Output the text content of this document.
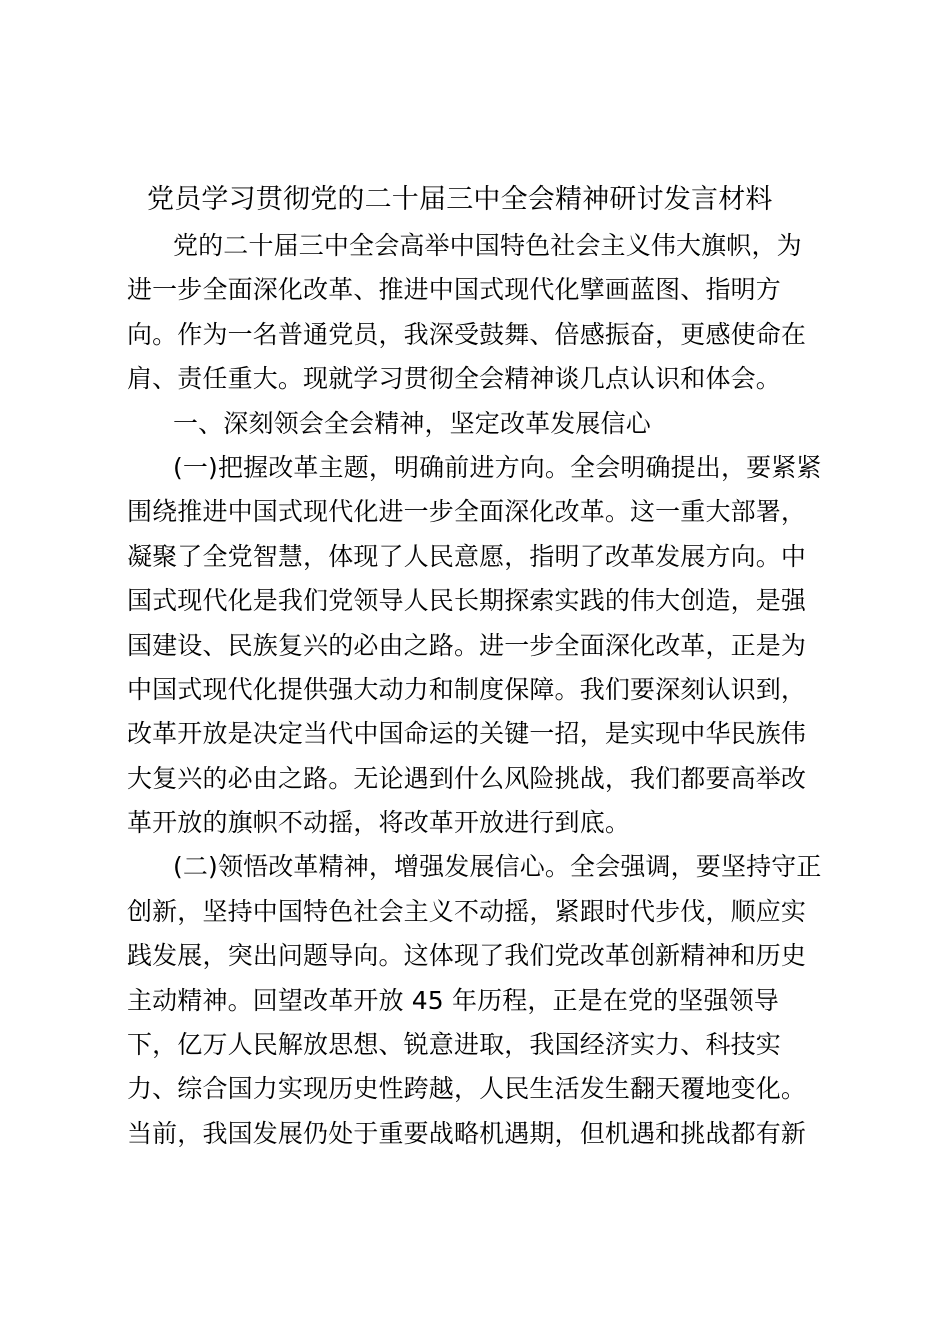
党员学习贯彻党的二十届三中全会精神研讨发言材料
党的二十届三中全会高举中国特色社会主义伟大旗帜，为
进一步全面深化改革、推进中国式现代化擘画蓝图、指明方
向。作为一名普通党员，我深受鼓舞、倍感振奋，更感使命在
肩、责任重大。现就学习贯彻全会精神谈几点认识和体会。
一、深刻领会全会精神，坚定改革发展信心
(一)把握改革主题，明确前进方向。全会明确提出，要紧紧
围绕推进中国式现代化进一步全面深化改革。这一重大部署，
凝聚了全党智慧，体现了人民意愿，指明了改革发展方向。中
国式现代化是我们党领导人民长期探索实践的伟大创造，是强
国建设、民族复兴的必由之路。进一步全面深化改革，正是为
中国式现代化提供强大动力和制度保障。我们要深刻认识到，
改革开放是决定当代中国命运的关键一招，是实现中华民族伟
大复兴的必由之路。无论遇到什么风险挑战，我们都要高举改
革开放的旗帜不动摇，将改革开放进行到底。
(二)领悟改革精神，增强发展信心。全会强调，要坚持守正
创新，坚持中国特色社会主义不动摇，紧跟时代步伐，顺应实
践发展，突出问题导向。这体现了我们党改革创新精神和历史
主动精神。回望改革开放 45 年历程，正是在党的坚强领导
下，亿万人民解放思想、锐意进取，我国经济实力、科技实
力、综合国力实现历史性跨越，人民生活发生翻天覆地变化。
当前，我国发展仍处于重要战略机遇期，但机遇和挑战都有新
